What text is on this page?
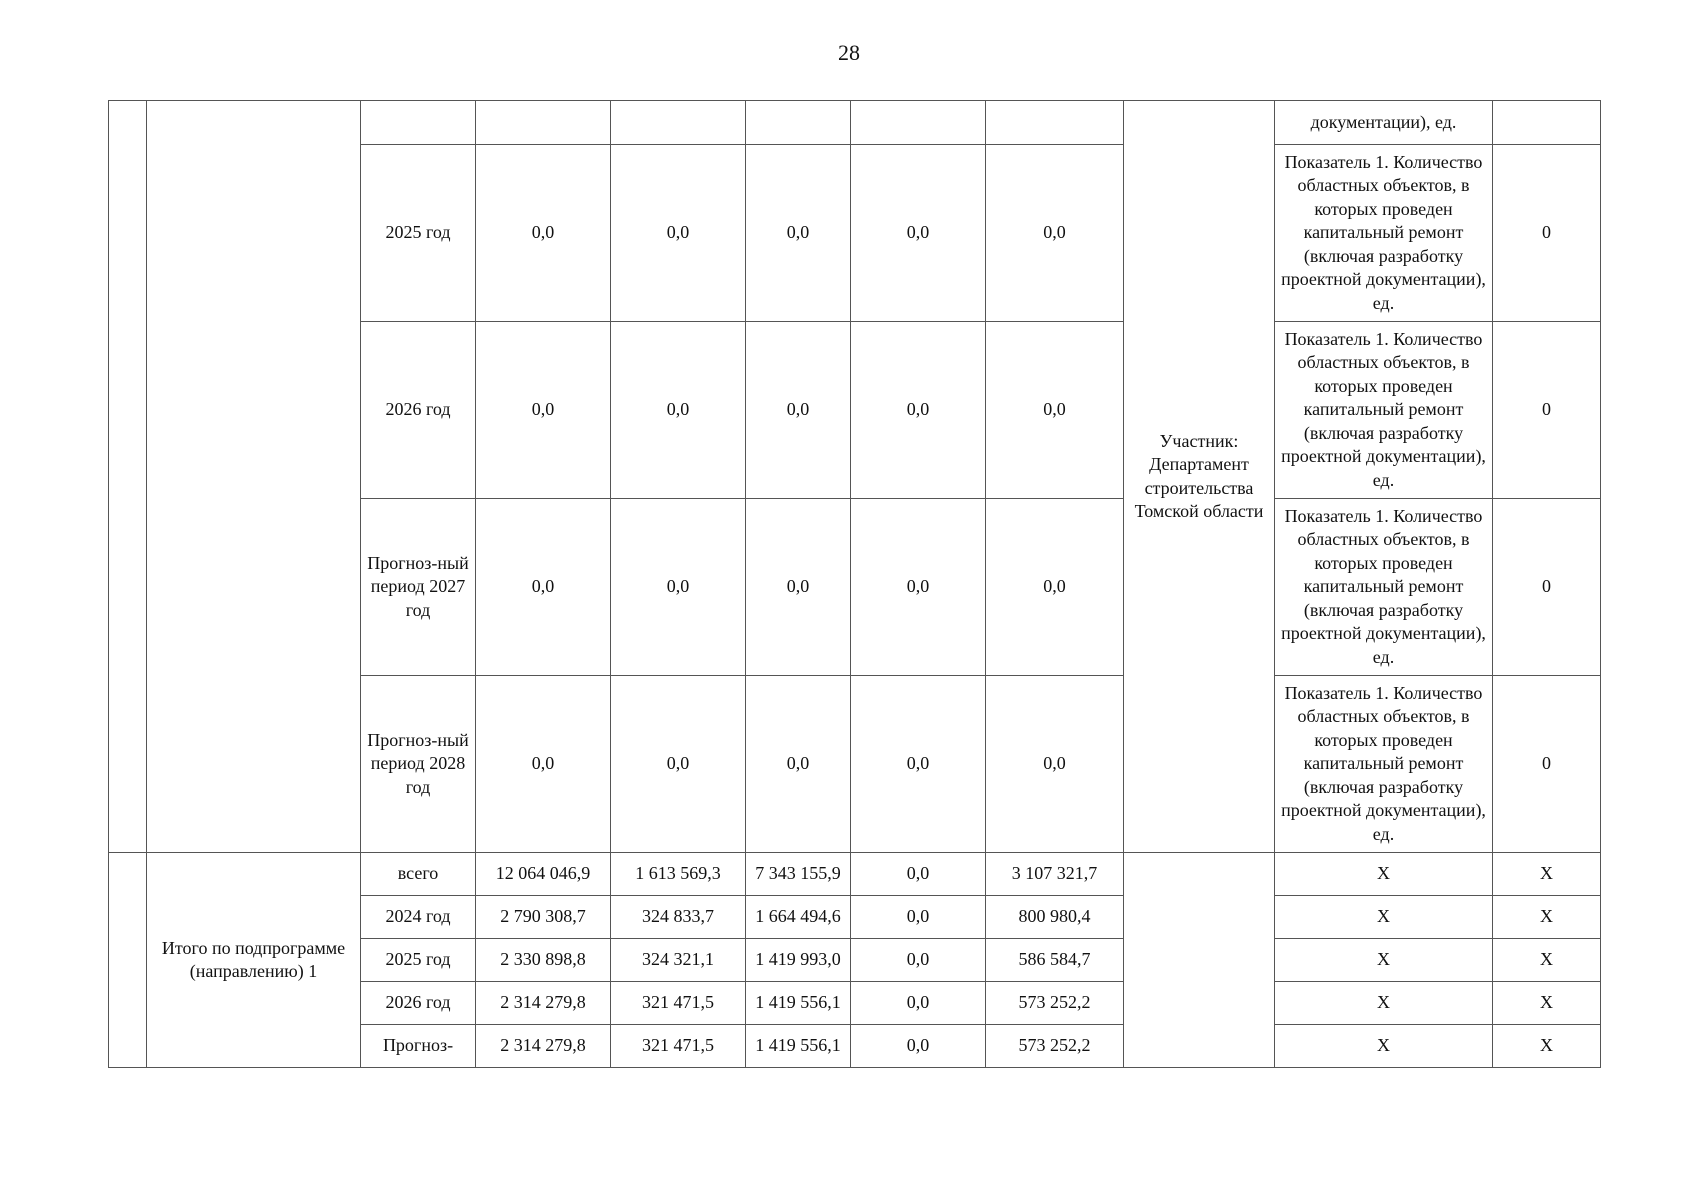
28
								Участник: Департамент строительства Томской области	документации), ед.	
		2025 год	0,0	0,0	0,0	0,0	0,0		Показатель 1. Количество областных объектов, в которых проведен капитальный ремонт (включая разработку проектной документации), ед.	0
		2026 год	0,0	0,0	0,0	0,0	0,0		Показатель 1. Количество областных объектов, в которых проведен капитальный ремонт (включая разработку проектной документации), ед.	0
		Прогноз-ный период 2027 год	0,0	0,0	0,0	0,0	0,0		Показатель 1. Количество областных объектов, в которых проведен капитальный ремонт (включая разработку проектной документации), ед.	0
		Прогноз-ный период 2028 год	0,0	0,0	0,0	0,0	0,0		Показатель 1. Количество областных объектов, в которых проведен капитальный ремонт (включая разработку проектной документации), ед.	0
	Итого по подпрограмме (направлению) 1	всего	12 064 046,9	1 613 569,3	7 343 155,9	0,0	3 107 321,7		X	X
		2024 год	2 790 308,7	324 833,7	1 664 494,6	0,0	800 980,4		X	X
		2025 год	2 330 898,8	324 321,1	1 419 993,0	0,0	586 584,7		X	X
		2026 год	2 314 279,8	321 471,5	1 419 556,1	0,0	573 252,2		X	X
		Прогноз-	2 314 279,8	321 471,5	1 419 556,1	0,0	573 252,2		X	X
